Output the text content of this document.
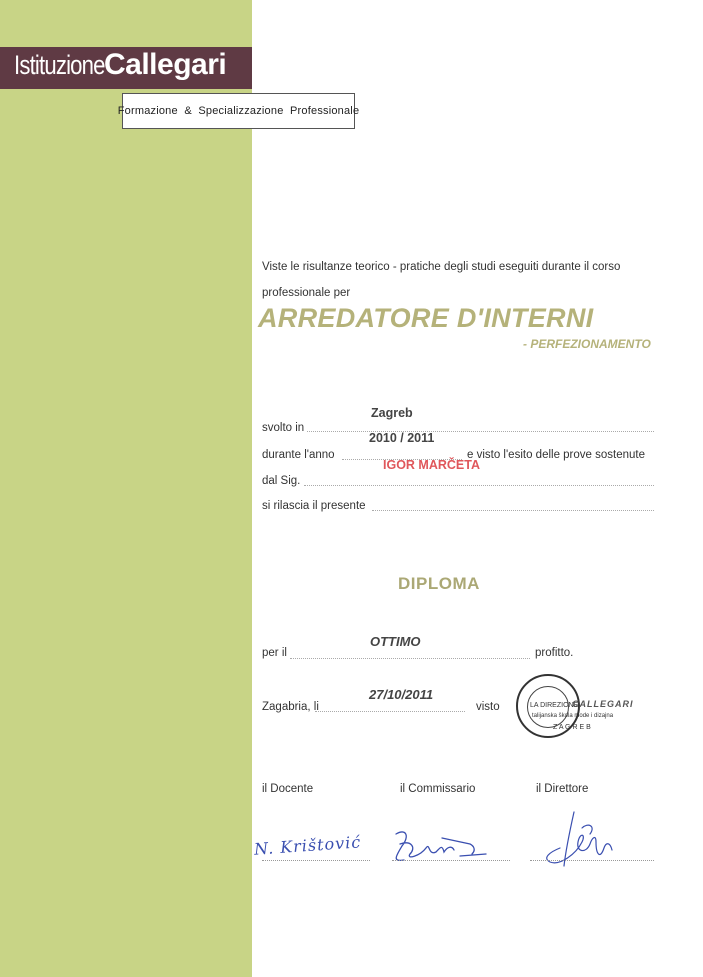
Istituzione Callegari
Formazione  &  Specializzazione  Professionale
Viste le risultanze teorico - pratiche degli studi eseguiti durante il corso
professionale per
ARREDATORE D'INTERNI
- PERFEZIONAMENTO
Zagreb
svolto in
2010 / 2011
durante l'anno	e visto l'esito delle prove sostenute
IGOR MARČETA
dal Sig.
si rilascia il presente
DIPLOMA
OTTIMO
per il	profitto.
27/10/2011
Zagabria, li	visto	LA DIREZIONE
CALLEGARI
talijanska škola mode i dizajna
Z A G R E B
il Docente	il Commissario	il Direttore
N. Krištović
